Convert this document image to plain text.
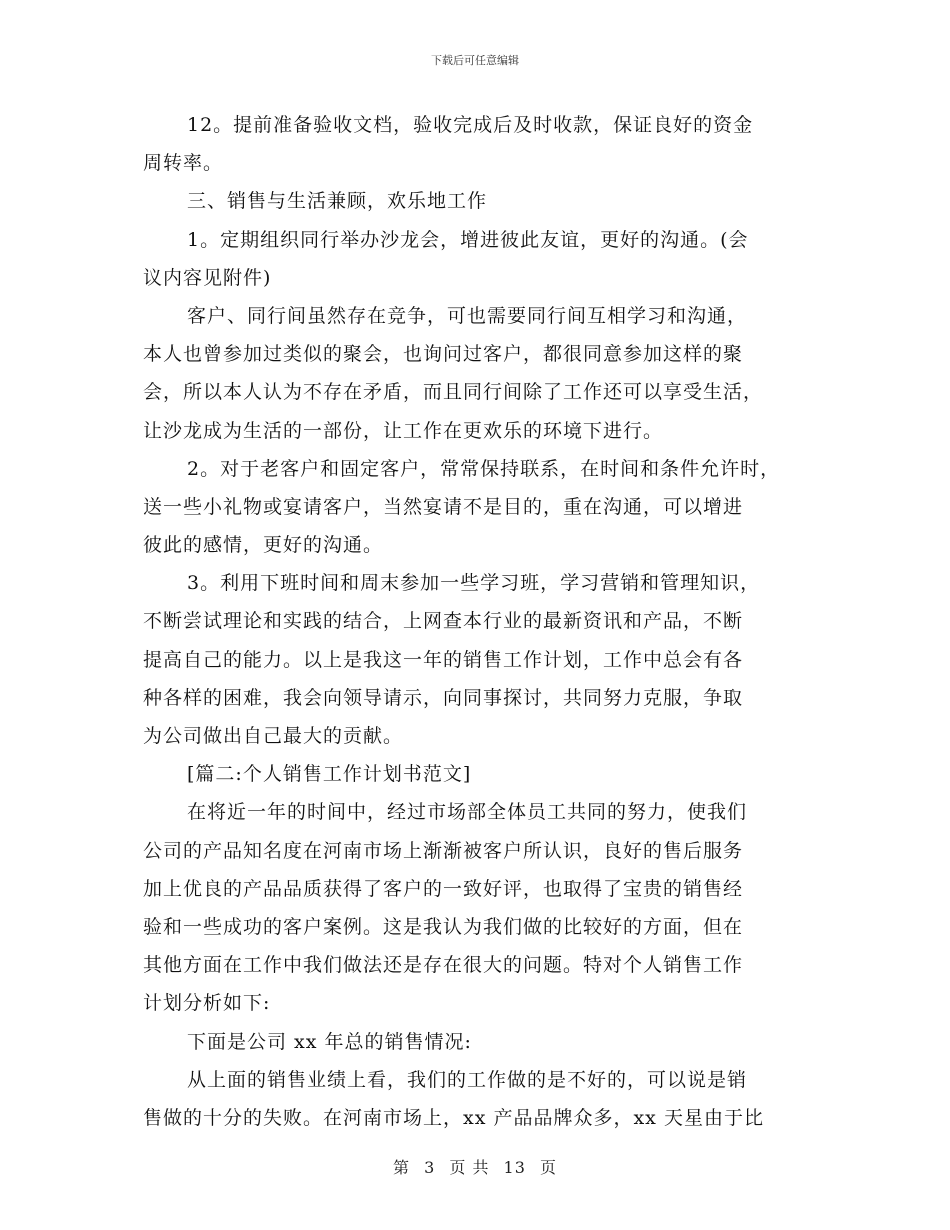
下载后可任意编辑
12。提前准备验收文档，验收完成后及时收款，保证良好的资金
周转率。
三、销售与生活兼顾，欢乐地工作
1。定期组织同行举办沙龙会，增进彼此友谊，更好的沟通。(会
议内容见附件)
客户、同行间虽然存在竞争，可也需要同行间互相学习和沟通，
本人也曾参加过类似的聚会，也询问过客户，都很同意参加这样的聚
会，所以本人认为不存在矛盾，而且同行间除了工作还可以享受生活，
让沙龙成为生活的一部份，让工作在更欢乐的环境下进行。
2。对于老客户和固定客户，常常保持联系，在时间和条件允许时，
送一些小礼物或宴请客户，当然宴请不是目的，重在沟通，可以增进
彼此的感情，更好的沟通。
3。利用下班时间和周末参加一些学习班，学习营销和管理知识，
不断尝试理论和实践的结合，上网查本行业的最新资讯和产品，不断
提高自己的能力。以上是我这一年的销售工作计划，工作中总会有各
种各样的困难，我会向领导请示，向同事探讨，共同努力克服，争取
为公司做出自己最大的贡献。
[篇二:个人销售工作计划书范文]
在将近一年的时间中，经过市场部全体员工共同的努力，使我们
公司的产品知名度在河南市场上渐渐被客户所认识，良好的售后服务
加上优良的产品品质获得了客户的一致好评，也取得了宝贵的销售经
验和一些成功的客户案例。这是我认为我们做的比较好的方面，但在
其他方面在工作中我们做法还是存在很大的问题。特对个人销售工作
计划分析如下:
下面是公司 xx 年总的销售情况:
从上面的销售业绩上看，我们的工作做的是不好的，可以说是销
售做的十分的失败。在河南市场上，xx 产品品牌众多，xx 天星由于比
第 3 页 共 13 页
